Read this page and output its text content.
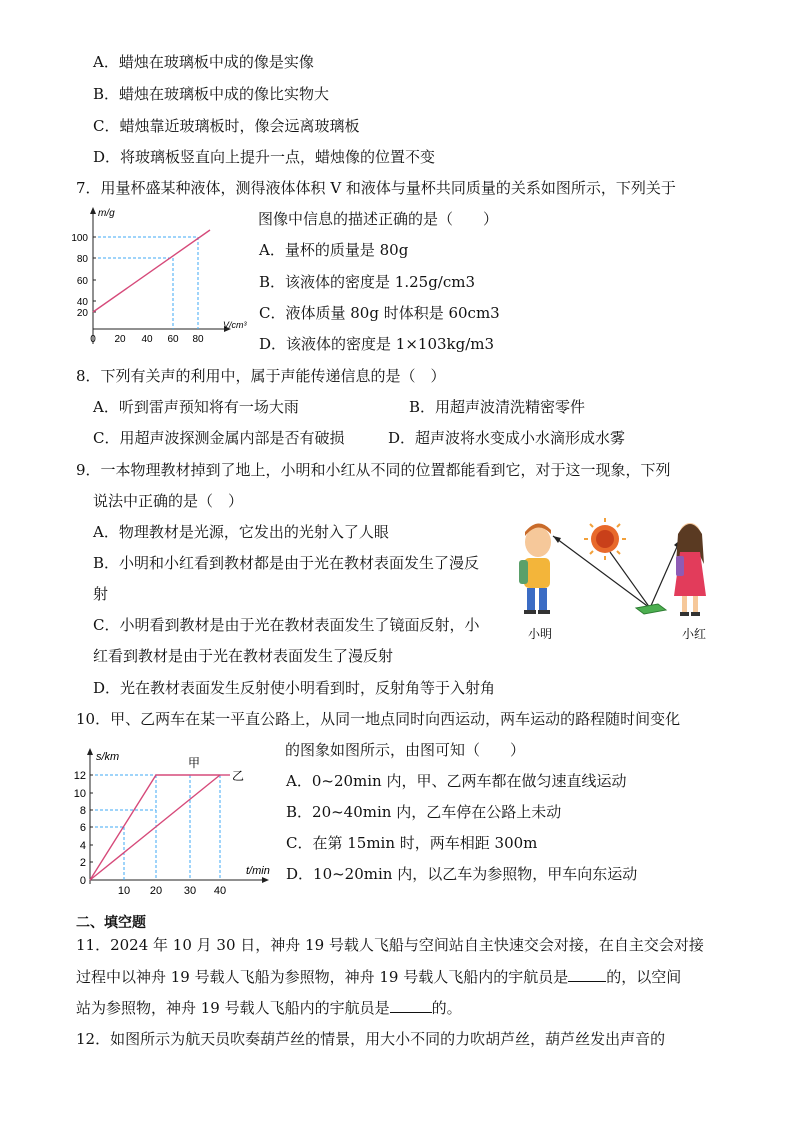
A．蜡烛在玻璃板中成的像是实像
B．蜡烛在玻璃板中成的像比实物大
C．蜡烛靠近玻璃板时，像会远离玻璃板
D．将玻璃板竖直向上提升一点，蜡烛像的位置不变
7．用量杯盛某种液体，测得液体体积 V 和液体与量杯共同质量的关系如图所示，下列关于
图像中信息的描述正确的是（　　）
A．量杯的质量是 80g
B．该液体的密度是 1.25g/cm3
C．液体质量 80g 时体积是 60cm3
D．该液体的密度是 1×103kg/m3
m/g
V/cm³
100
80
60
40
20
0 20 40 60 80
8．下列有关声的利用中，属于声能传递信息的是（　）
A．听到雷声预知将有一场大雨	B．用超声波清洗精密零件
C．用超声波探测金属内部是否有破损	D．超声波将水变成小水滴形成水雾
9．一本物理教材掉到了地上，小明和小红从不同的位置都能看到它，对于这一现象，下列
说法中正确的是（　）
A．物理教材是光源，它发出的光射入了人眼
B．小明和小红看到教材都是由于光在教材表面发生了漫反
射
C．小明看到教材是由于光在教材表面发生了镜面反射，小
红看到教材是由于光在教材表面发生了漫反射
D．光在教材表面发生反射使小明看到时，反射角等于入射角
小明	小红
10．甲、乙两车在某一平直公路上，从同一地点同时向西运动，两车运动的路程随时间变化
的图象如图所示，由图可知（　　）
A．0~20min 内，甲、乙两车都在做匀速直线运动
B．20~40min 内，乙车停在公路上未动
C．在第 15min 时，两车相距 300m
D．10~20min 内，以乙车为参照物，甲车向东运动
s/km
t/min
12
10
8
6
4
2
0
10 20 30 40
甲
乙
二、填空题
11．2024 年 10 月 30 日，神舟 19 号载人飞船与空间站自主快速交会对接，在自主交会对接
过程中以神舟 19 号载人飞船为参照物，神舟 19 号载人飞船内的宇航员是	的，以空间
站为参照物，神舟 19 号载人飞船内的宇航员是	的。
12．如图所示为航天员吹奏葫芦丝的情景，用大小不同的力吹胡芦丝，葫芦丝发出声音的
